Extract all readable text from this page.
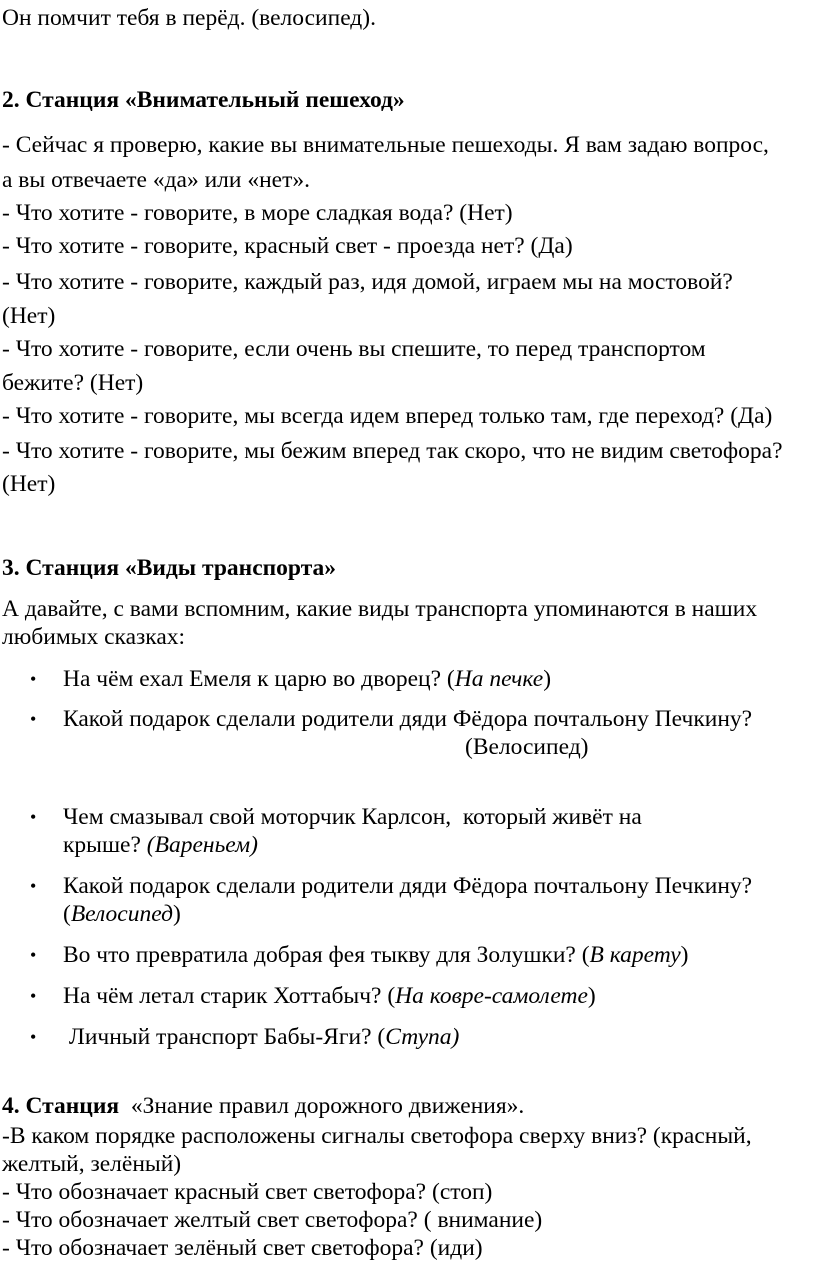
Он помчит тебя в перёд. (велосипед).
2. Станция «Внимательный пешеход»
- Сейчас я проверю, какие вы внимательные пешеходы. Я вам задаю вопрос,
а вы отвечаете «да» или «нет».
- Что хотите - говорите, в море сладкая вода? (Нет)
- Что хотите - говорите, красный свет - проезда нет? (Да)
- Что хотите - говорите, каждый раз, идя домой, играем мы на мостовой?
(Нет)
- Что хотите - говорите, если очень вы спешите, то перед транспортом
бежите? (Нет)
- Что хотите - говорите, мы всегда идем вперед только там, где переход? (Да)
- Что хотите - говорите, мы бежим вперед так скоро, что не видим светофора?
(Нет)
3. Станция «Виды транспорта»
А давайте, с вами вспомним, какие виды транспорта упоминаются в наших
любимых сказках:
• На чём ехал Емеля к царю во дворец? (На печке)
• Какой подарок сделали родители дяди Фёдора почтальону Печкину?
(Велосипед)
• Чем смазывал свой моторчик Карлсон,  который живёт на
крыше? (Вареньем)
• Какой подарок сделали родители дяди Фёдора почтальону Печкину?
(Велосипед)
• Во что превратила добрая фея тыкву для Золушки? (В карету)
• На чём летал старик Хоттабыч? (На ковре-самолете)
• Личный транспорт Бабы-Яги? (Ступа)
4. Станция  «Знание правил дорожного движения».
-В каком порядке расположены сигналы светофора сверху вниз? (красный,
желтый, зелёный)
- Что обозначает красный свет светофора? (стоп)
- Что обозначает желтый свет светофора? ( внимание)
- Что обозначает зелёный свет светофора? (иди)
